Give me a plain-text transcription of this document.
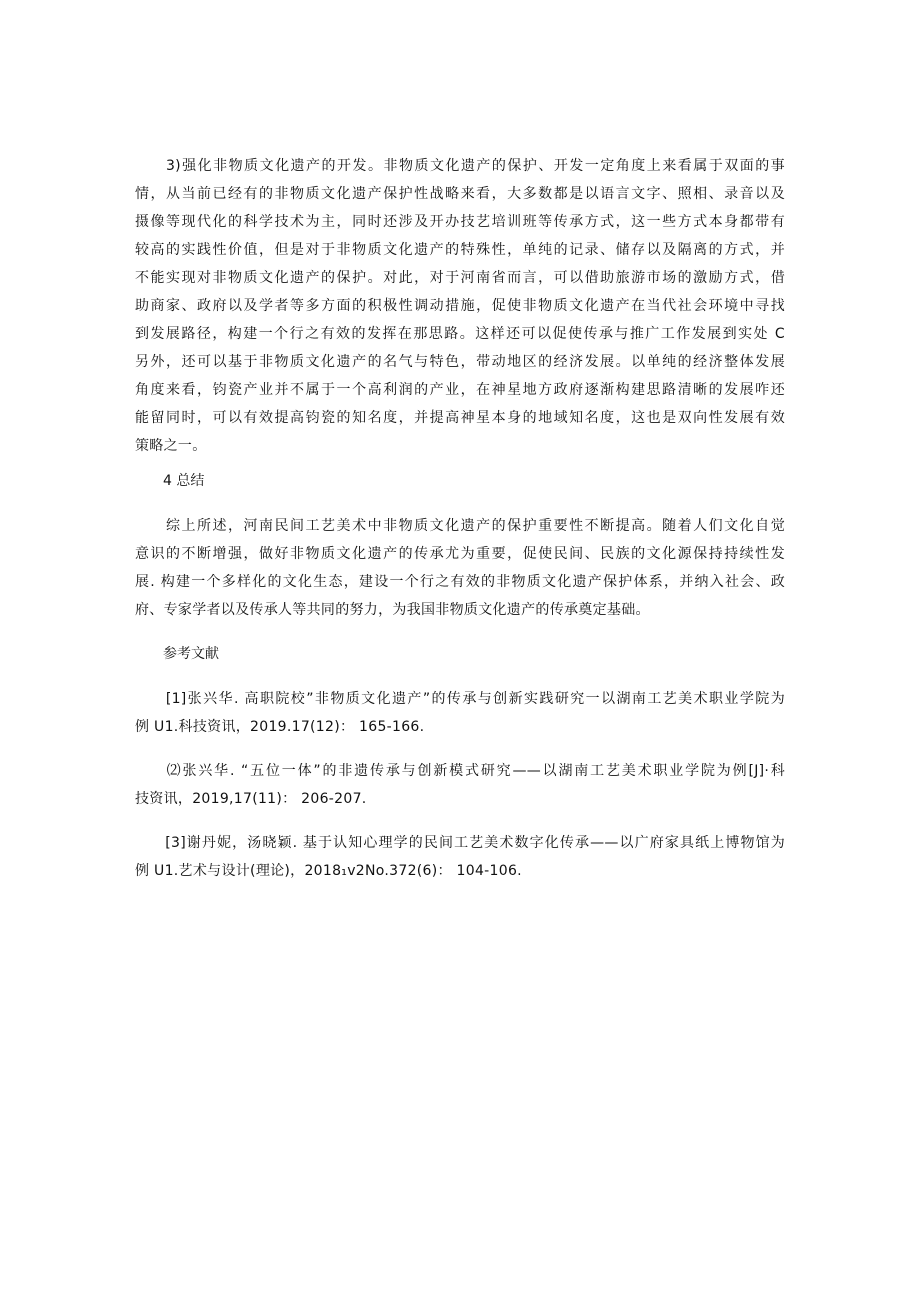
　　3)强化非物质文化遗产的开发。非物质文化遗产的保护、开发一定角度上来看属于双面的事
情，从当前已经有的非物质文化遗产保护性战略来看，大多数都是以语言文字、照相、录音以及
摄像等现代化的科学技术为主，同时还涉及开办技艺培训班等传承方式，这一些方式本身都带有
较高的实践性价值，但是对于非物质文化遗产的特殊性，单纯的记录、储存以及隔离的方式，并
不能实现对非物质文化遗产的保护。对此，对于河南省而言，可以借助旅游市场的激励方式，借
助商家、政府以及学者等多方面的积极性调动措施，促使非物质文化遗产在当代社会环境中寻找
到发展路径，构建一个行之有效的发挥在那思路。这样还可以促使传承与推广工作发展到实处 C
另外，还可以基于非物质文化遗产的名气与特色，带动地区的经济发展。以单纯的经济整体发展
角度来看，钧瓷产业并不属于一个高利润的产业，在神星地方政府逐渐构建思路清晰的发展咋还
能留同时，可以有效提高钧瓷的知名度，并提高神星本身的地域知名度，这也是双向性发展有效
策略之一。
4 总结
　　综上所述，河南民间工艺美术中非物质文化遗产的保护重要性不断提高。随着人们文化自觉
意识的不断增强，做好非物质文化遗产的传承尤为重要，促使民间、民族的文化源保持持续性发
展. 构建一个多样化的文化生态，建设一个行之有效的非物质文化遗产保护体系，并纳入社会、政
府、专家学者以及传承人等共同的努力，为我国非物质文化遗产的传承奠定基础。
参考文献
　　[1]张兴华. 高职院校”非物质文化遗产”的传承与创新实践研究一以湖南工艺美术职业学院为
例 U1.科技资讯，2019.17(12)： 165-166.
　　⑵张兴华. “五位一体”的非遗传承与创新模式研究——以湖南工艺美术职业学院为例[J]·科
技资讯，2019,17(11)： 206-207.
　　[3]谢丹妮，汤晓颖. 基于认知心理学的民间工艺美术数字化传承——以广府家具纸上博物馆为
例 U1.艺术与设计(理论)，2018₁v2No.372(6)： 104-106.
